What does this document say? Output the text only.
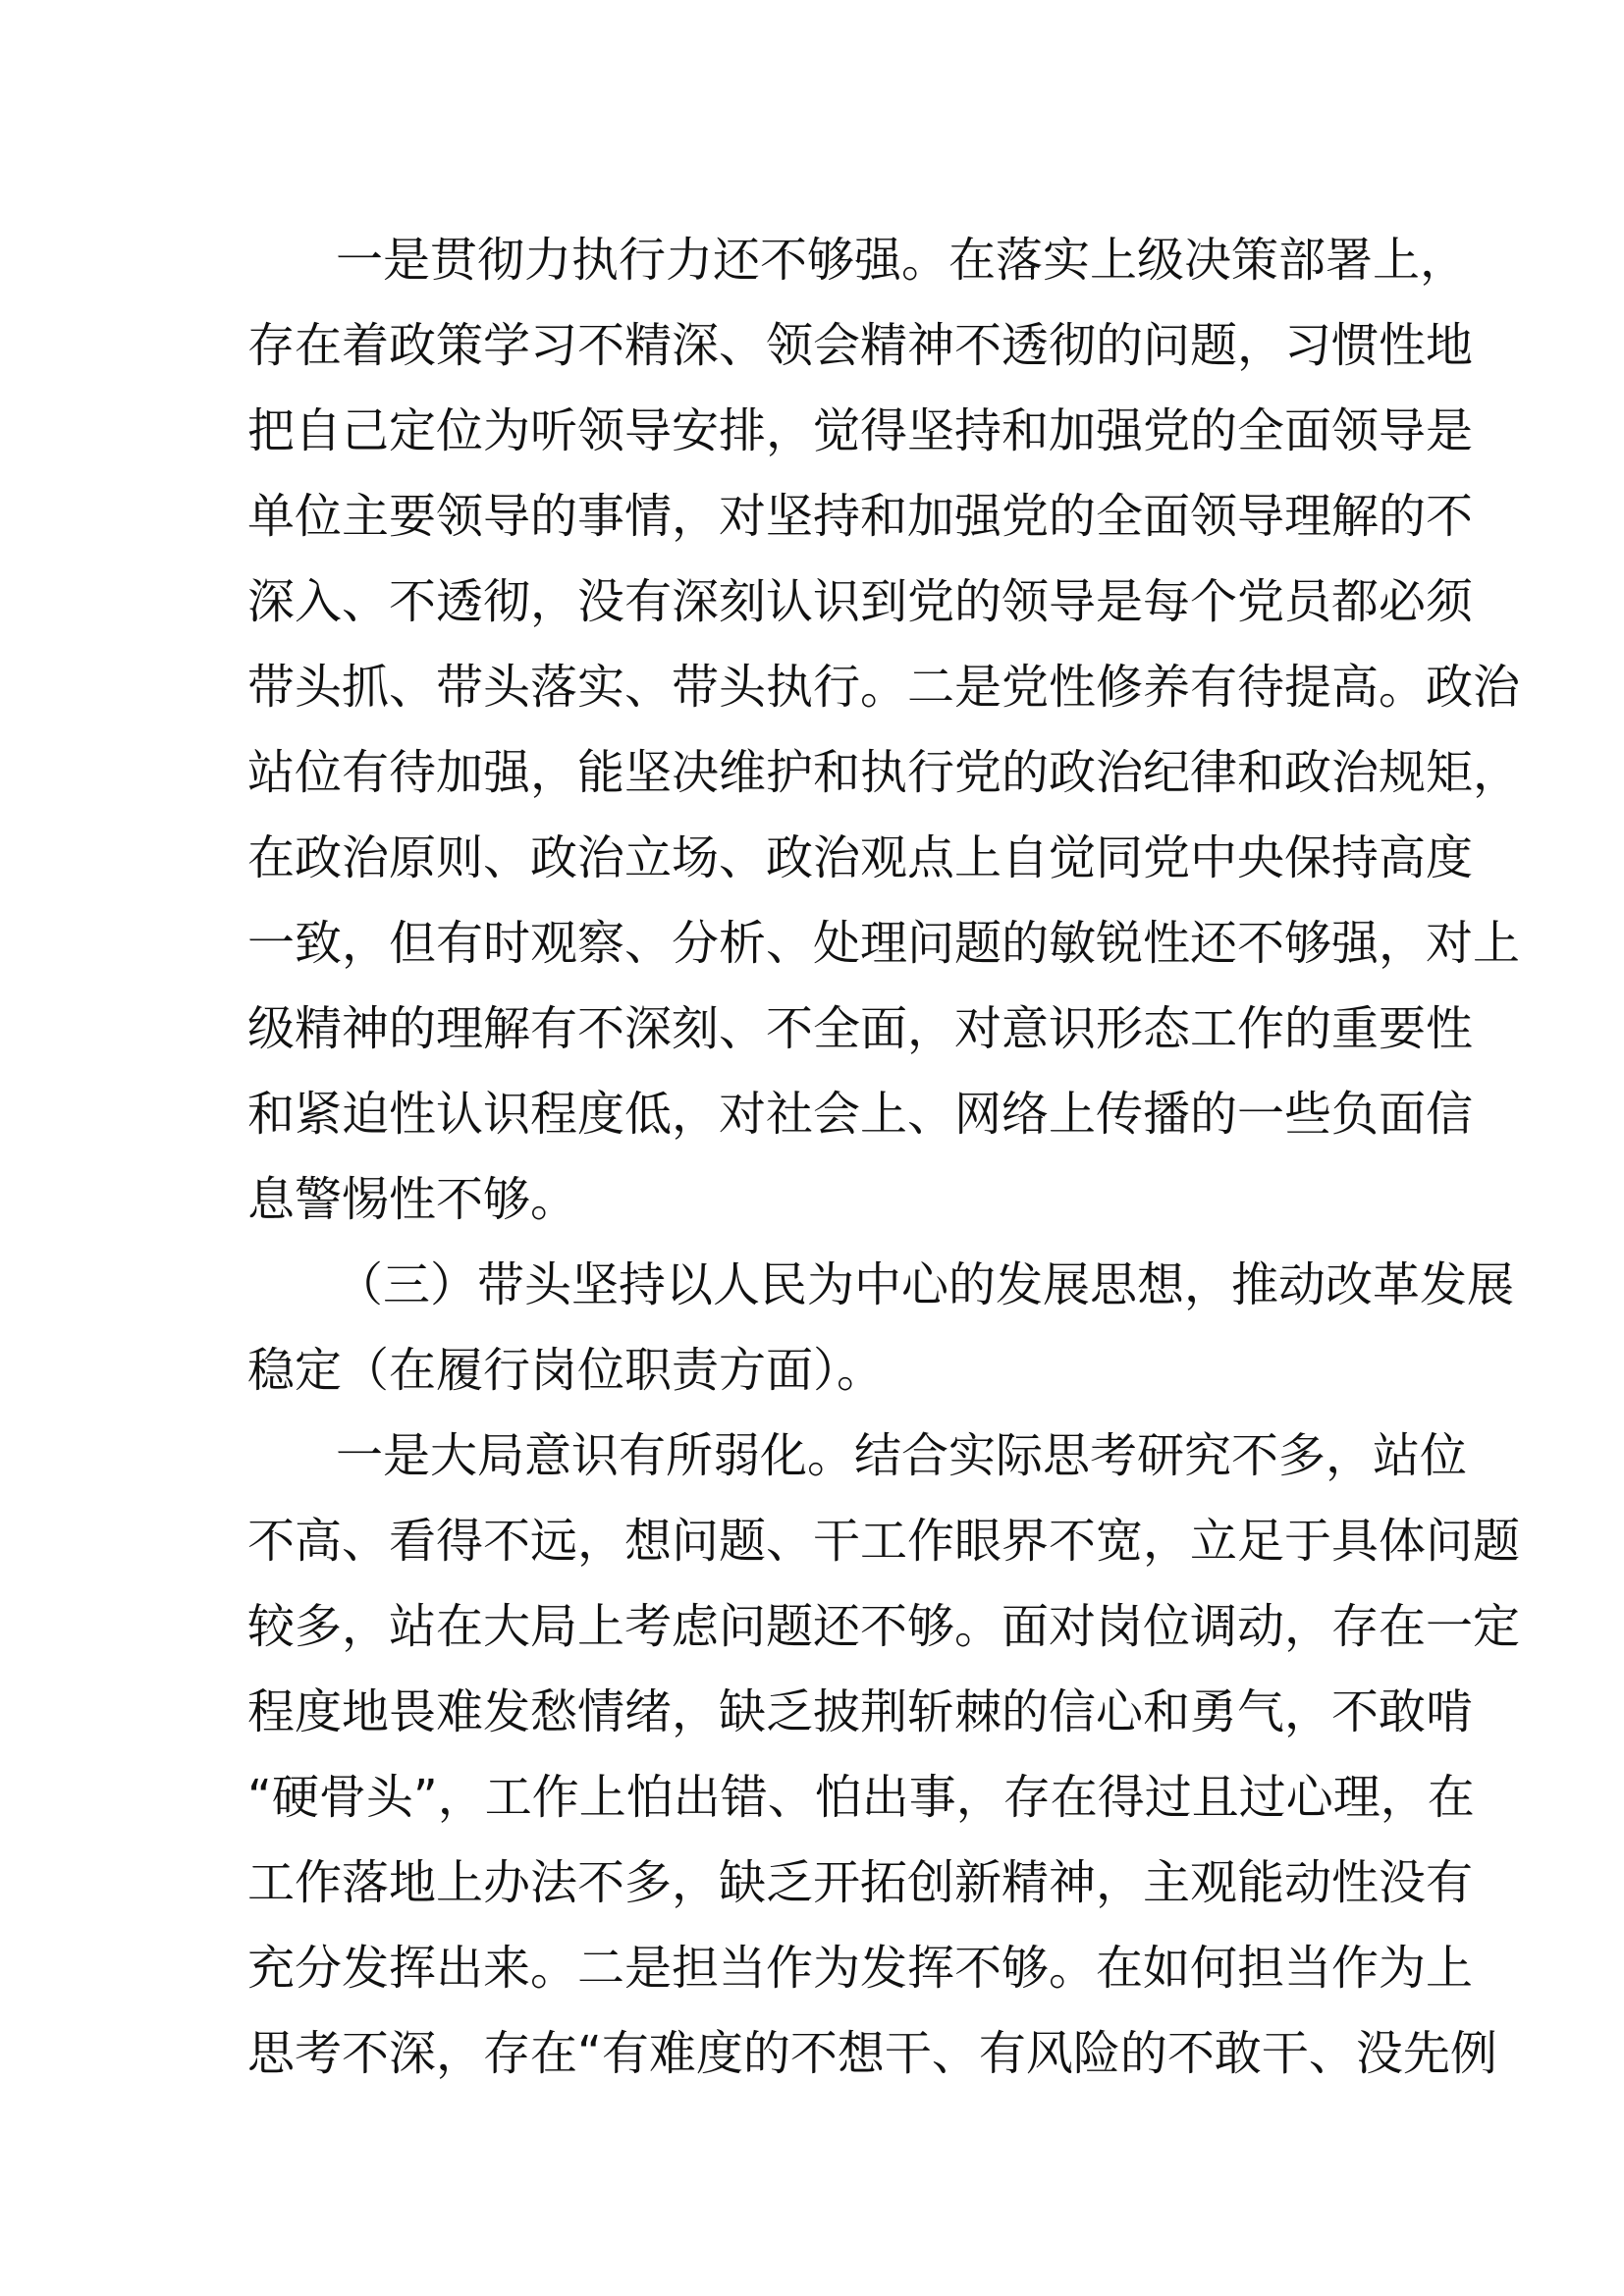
一是贯彻力执行力还不够强。在落实上级决策部署上，
存在着政策学习不精深、领会精神不透彻的问题，习惯性地
把自己定位为听领导安排，觉得坚持和加强党的全面领导是
单位主要领导的事情，对坚持和加强党的全面领导理解的不
深入、不透彻，没有深刻认识到党的领导是每个党员都必须
带头抓、带头落实、带头执行。二是党性修养有待提高。政治
站位有待加强，能坚决维护和执行党的政治纪律和政治规矩，
在政治原则、政治立场、政治观点上自觉同党中央保持高度
一致，但有时观察、分析、处理问题的敏锐性还不够强，对上
级精神的理解有不深刻、不全面，对意识形态工作的重要性
和紧迫性认识程度低，对社会上、网络上传播的一些负面信
息警惕性不够。
（三）带头坚持以人民为中心的发展思想，推动改革发展
稳定（在履行岗位职责方面）。
一是大局意识有所弱化。结合实际思考研究不多，站位
不高、看得不远，想问题、干工作眼界不宽，立足于具体问题
较多，站在大局上考虑问题还不够。面对岗位调动，存在一定
程度地畏难发愁情绪，缺乏披荆斩棘的信心和勇气，不敢啃
“硬骨头”，工作上怕出错、怕出事，存在得过且过心理，在
工作落地上办法不多，缺乏开拓创新精神，主观能动性没有
充分发挥出来。二是担当作为发挥不够。在如何担当作为上
思考不深，存在“有难度的不想干、有风险的不敢干、没先例
